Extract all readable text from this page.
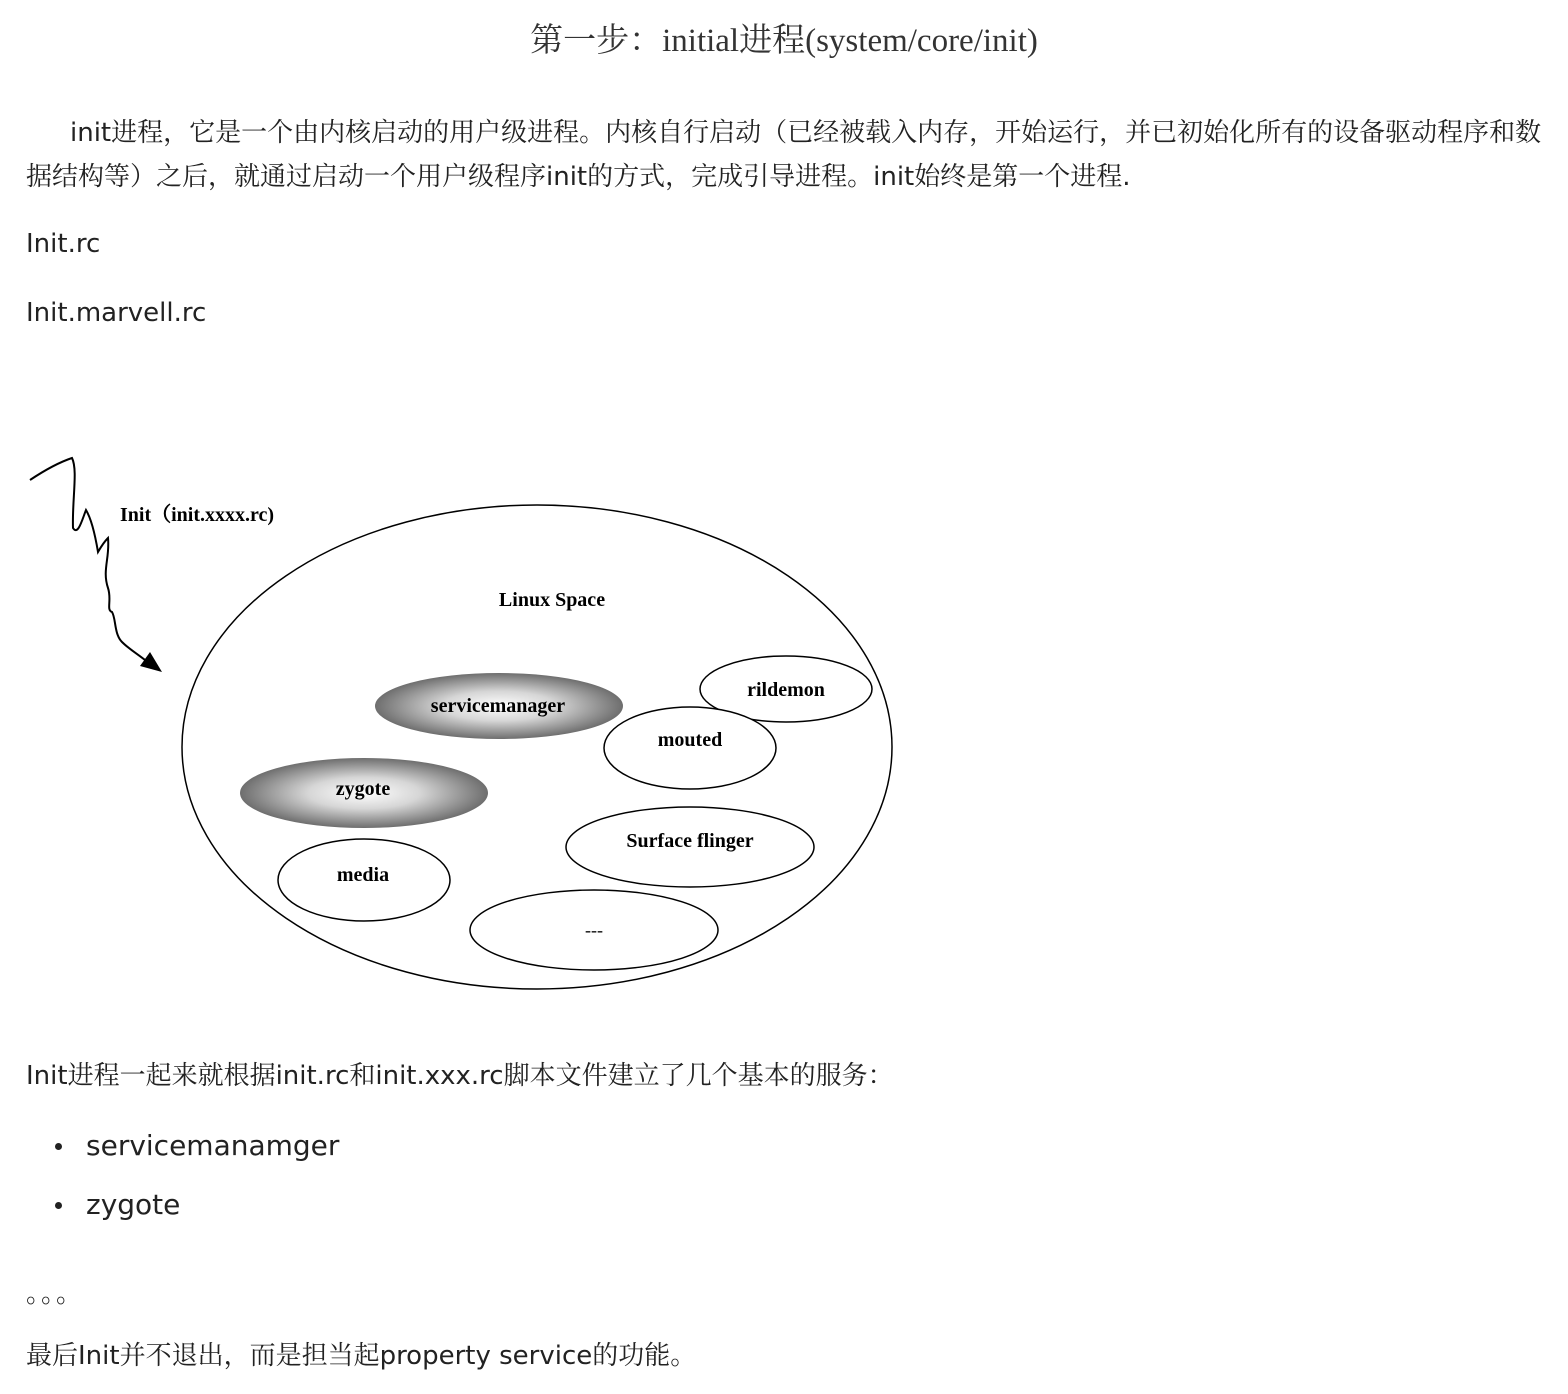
第一步：initial进程(system/core/init)
init进程，它是一个由内核启动的用户级进程。内核自行启动（已经被载入内存，开始运行，并已初始化所有的设备驱动程序和数据结构等）之后，就通过启动一个用户级程序init的方式，完成引导进程。init始终是第一个进程.
Init.rc
Init.marvell.rc
Init（init.xxxx.rc)
Linux Space
servicemanager
rildemon
mouted
zygote
Surface flinger
media
---
Init进程一起来就根据init.rc和init.xxx.rc脚本文件建立了几个基本的服务：
servicemanamger
zygote
。。。
最后Init并不退出，而是担当起property service的功能。
